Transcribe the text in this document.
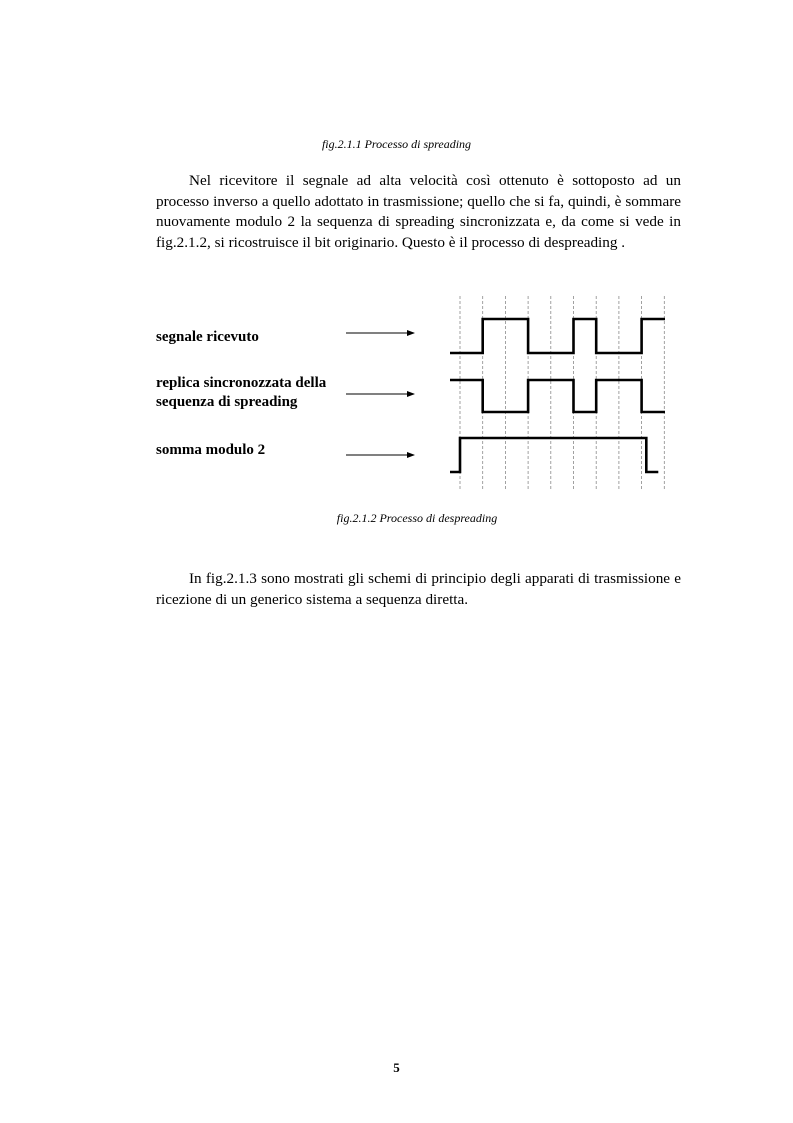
fig.2.1.1 Processo di spreading
Nel ricevitore il segnale ad alta velocità così ottenuto è sottoposto ad un processo inverso a quello adottato in trasmissione; quello che si fa, quindi, è sommare nuovamente modulo 2 la sequenza di spreading sincronizzata e, da come si vede in fig.2.1.2, si ricostruisce il bit originario. Questo è il processo di despreading .
segnale ricevuto
replica sincronozzata della
sequenza di spreading
somma modulo 2
fig.2.1.2 Processo di despreading
In fig.2.1.3 sono mostrati gli schemi di principio degli apparati di trasmissione e ricezione di un generico sistema a sequenza diretta.
5
